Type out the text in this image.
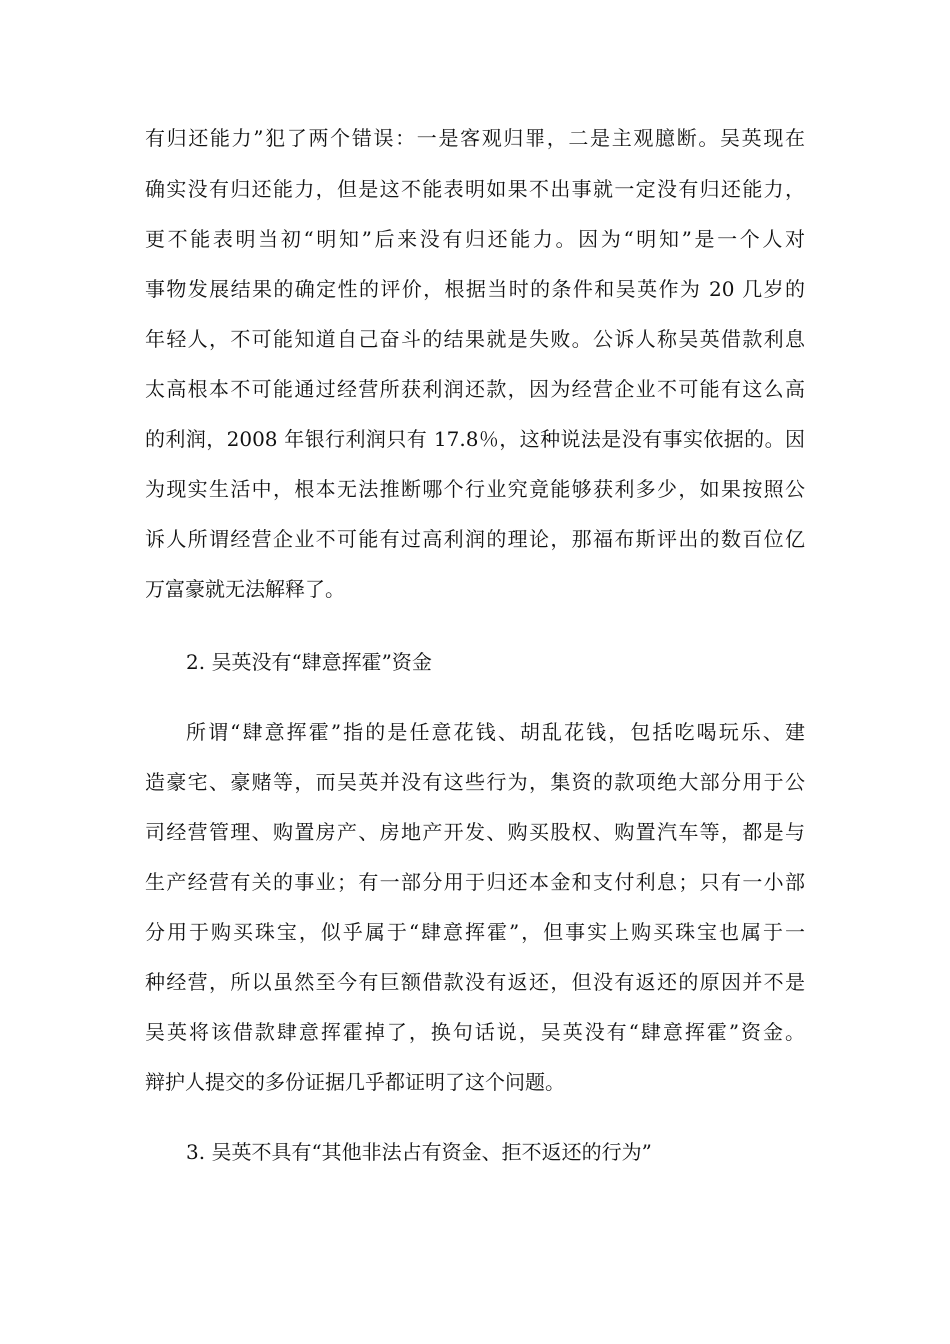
有归还能力”犯了两个错误：一是客观归罪，二是主观臆断。吴英现在
确实没有归还能力，但是这不能表明如果不出事就一定没有归还能力，
更不能表明当初“明知”后来没有归还能力。因为“明知”是一个人对
事物发展结果的确定性的评价，根据当时的条件和吴英作为 20 几岁的
年轻人，不可能知道自己奋斗的结果就是失败。公诉人称吴英借款利息
太高根本不可能通过经营所获利润还款，因为经营企业不可能有这么高
的利润，2008 年银行利润只有 17.8％，这种说法是没有事实依据的。因
为现实生活中，根本无法推断哪个行业究竟能够获利多少，如果按照公
诉人所谓经营企业不可能有过高利润的理论，那福布斯评出的数百位亿
万富豪就无法解释了。
2. 吴英没有“肆意挥霍”资金
所谓“肆意挥霍”指的是任意花钱、胡乱花钱，包括吃喝玩乐、建
造豪宅、豪赌等，而吴英并没有这些行为，集资的款项绝大部分用于公
司经营管理、购置房产、房地产开发、购买股权、购置汽车等，都是与
生产经营有关的事业；有一部分用于归还本金和支付利息；只有一小部
分用于购买珠宝，似乎属于“肆意挥霍”，但事实上购买珠宝也属于一
种经营，所以虽然至今有巨额借款没有返还，但没有返还的原因并不是
吴英将该借款肆意挥霍掉了，换句话说，吴英没有“肆意挥霍”资金。
辩护人提交的多份证据几乎都证明了这个问题。
3. 吴英不具有“其他非法占有资金、拒不返还的行为”
